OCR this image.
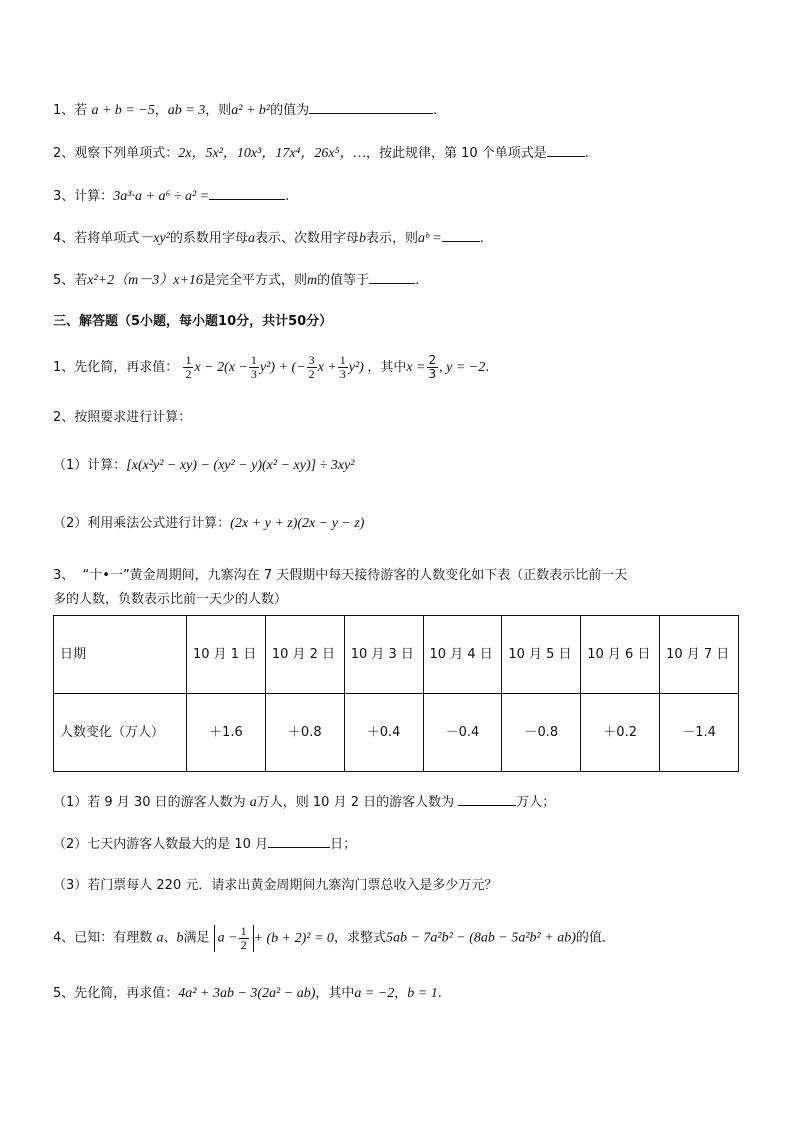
1、若 a + b = −5，ab = 3，则a² + b²的值为	.
2、观察下列单项式：2x，5x²，10x³，17x⁴，26x⁵，…，按此规律，第 10 个单项式是	.
3、计算：3a³·a + a⁶ ÷ a² =	.
4、若将单项式－xy²的系数用字母a表示、次数用字母b表示，则aᵇ =	.
5、若x²+2（m－3）x+16是完全平方式，则m的值等于	.
三、解答题（5小题，每小题10分，共计50分）
1、先化简，再求值： $\frac{1}{2}$ $x - 2(x - \frac{1}{3} y^2)$ + (− $\frac{3}{2}$ $x + \frac{1}{3} y^2$) ，其中$x = \frac{2}{3}$ , y = −2.
2、按照要求进行计算：
（1）计算：[x(x²y² − xy) − (xy² − y)(x² − xy)] ÷ 3xy²
（2）利用乘法公式进行计算：(2x + y + z)(2x − y − z)
3、 “十•一”黄金周期间，九寨沟在 7 天假期中每天接待游客的人数变化如下表（正数表示比前一天
多的人数，负数表示比前一天少的人数）
日期	10 月 1 日	10 月 2 日	10 月 3 日	10 月 4 日	10 月 5 日	10 月 6 日	10 月 7 日
人数变化（万人）	＋1.6	＋0.8	＋0.4	－0.4	－0.8	＋0.2	－1.4
（1）若 9 月 30 日的游客人数为 a万人，则 10 月 2 日的游客人数为	万人；
（2）七天内游客人数最大的是 10 月	日；
（3）若门票每人 220 元．请求出黄金周期间九寨沟门票总收入是多少万元？
4、已知：有理数 a、b满足 $a - \frac{1}{2} + (b + 2)^2 = 0$，求整式5ab − 7a²b² − (8ab − 5a²b² + ab)的值．
5、先化简，再求值：4a² + 3ab − 3(2a² − ab)，其中a = −2，b = 1.
